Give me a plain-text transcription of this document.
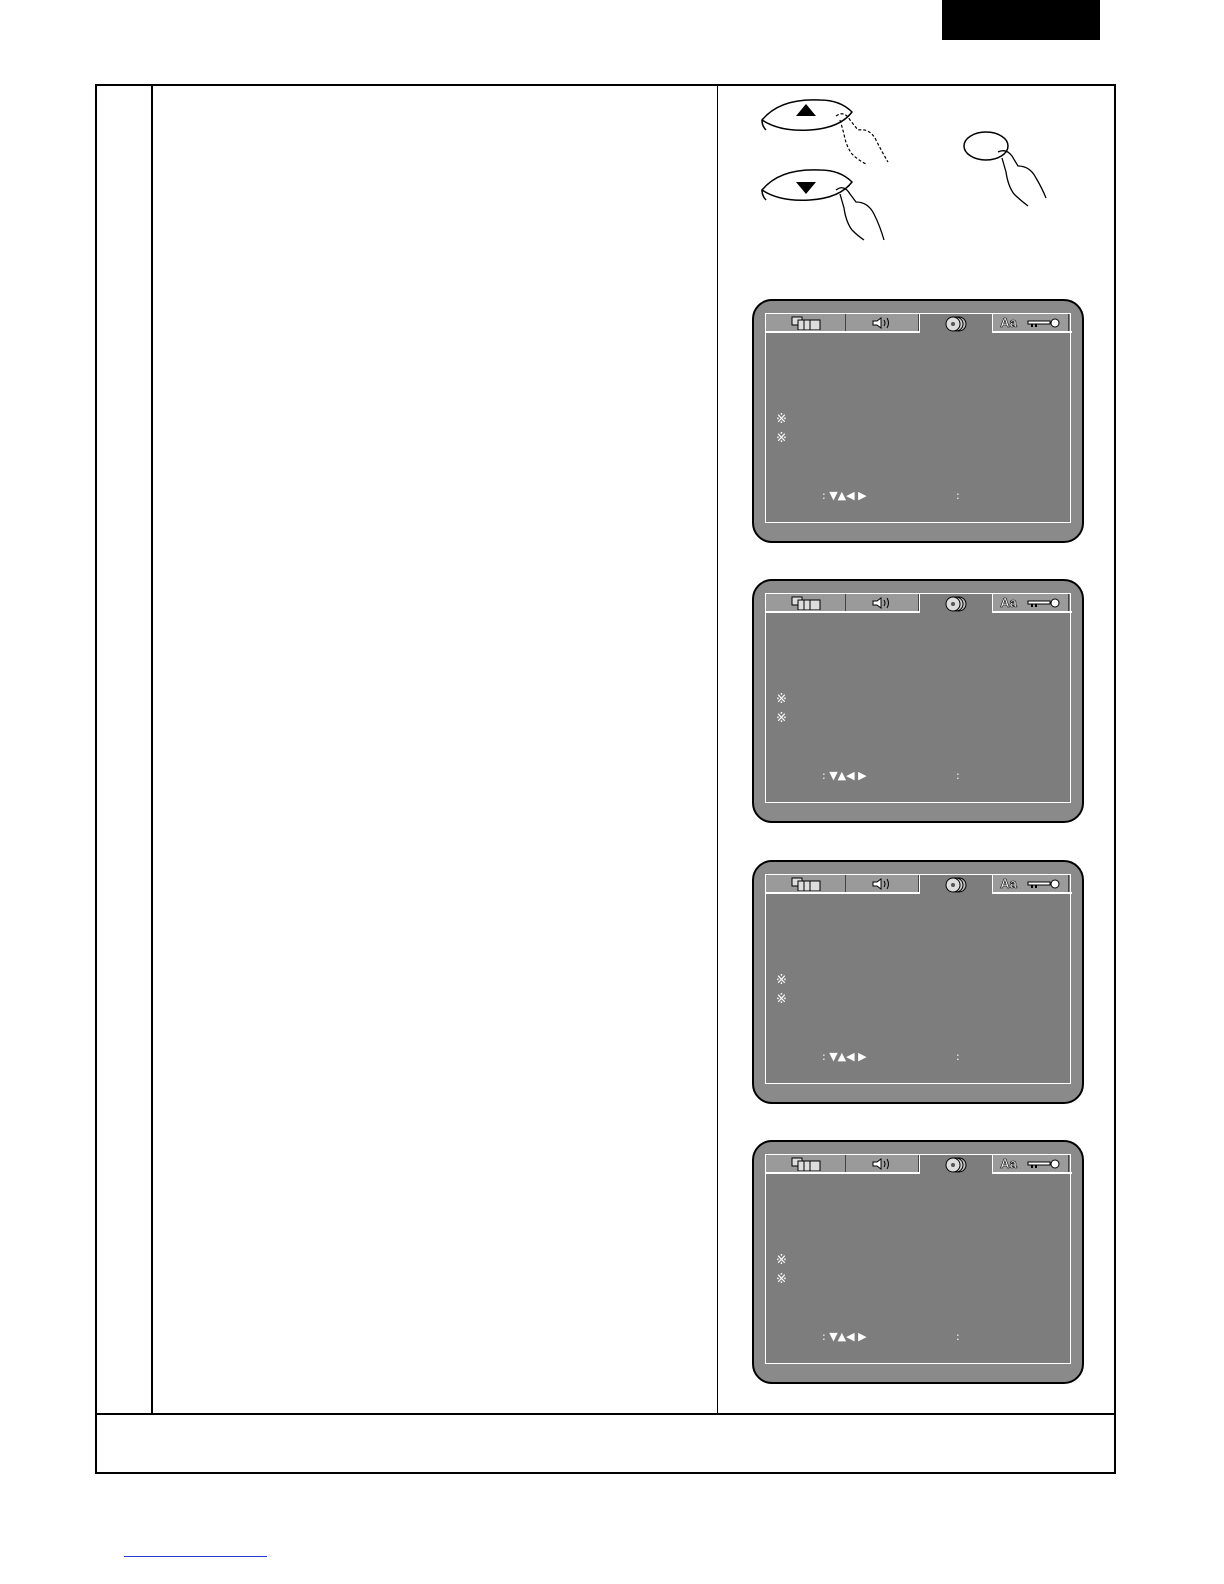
Aa
※
※
: ▼▲◀ ▶	:
Aa
※
※
: ▼▲◀ ▶	:
Aa
※
※
: ▼▲◀ ▶	:
Aa
※
※
: ▼▲◀ ▶	:
